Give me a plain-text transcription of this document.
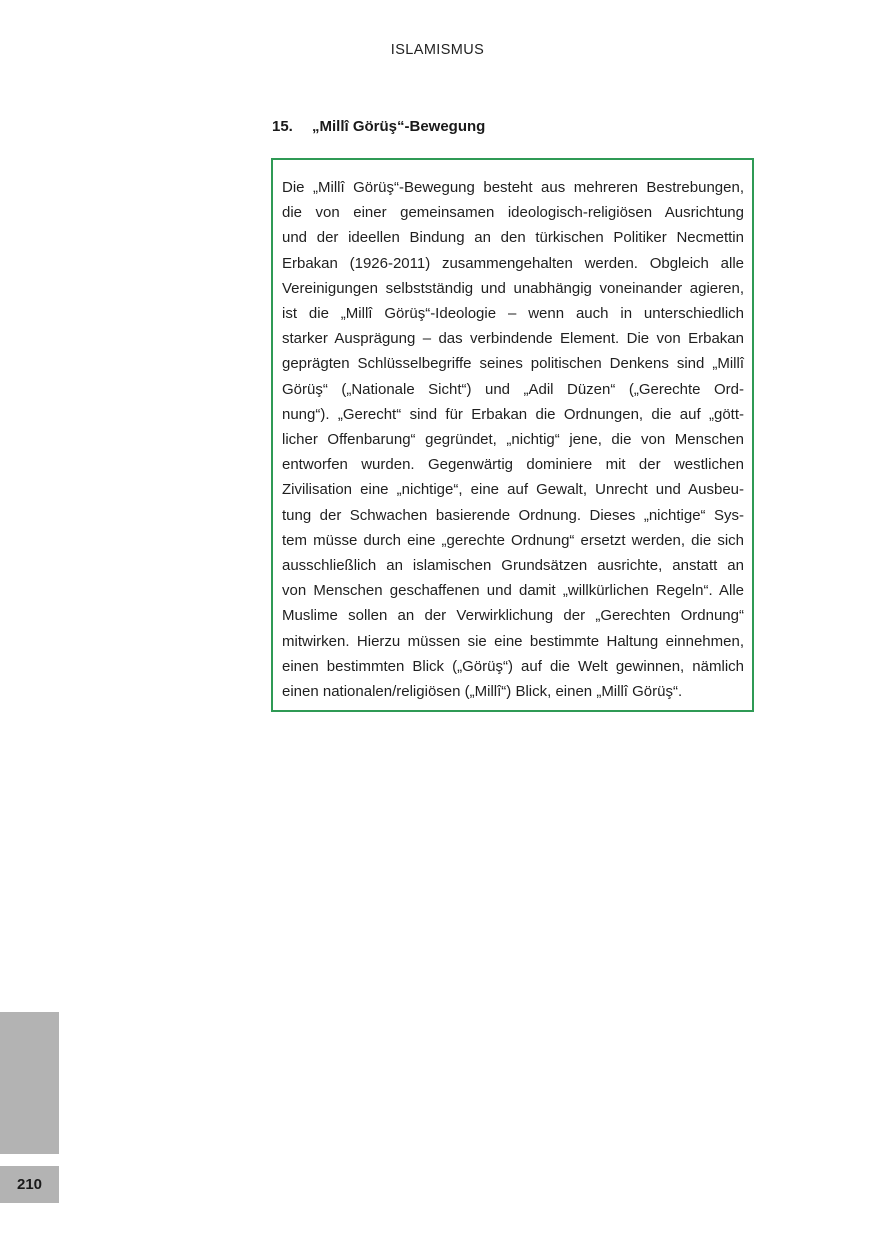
ISLAMISMUS
15. „Millî Görüş“-Bewegung

Die „Millî Görüş“-Bewegung besteht aus mehreren Bestrebungen,
die von einer gemeinsamen ideologisch-religiösen Ausrichtung
und der ideellen Bindung an den türkischen Politiker Necmettin
Erbakan (1926-2011) zusammengehalten werden. Obgleich alle
Vereinigungen selbstständig und unabhängig voneinander agieren,
ist die „Millî Görüş“-Ideologie – wenn auch in unterschiedlich
starker Ausprägung – das verbindende Element. Die von Erbakan
geprägten Schlüsselbegriffe seines politischen Denkens sind „Millî
Görüş“ („Nationale Sicht“) und „Adil Düzen“ („Gerechte Ord-
nung“). „Gerecht“ sind für Erbakan die Ordnungen, die auf „gött-
licher Offenbarung“ gegründet, „nichtig“ jene, die von Menschen
entworfen wurden. Gegenwärtig dominiere mit der westlichen
Zivilisation eine „nichtige“, eine auf Gewalt, Unrecht und Ausbeu-
tung der Schwachen basierende Ordnung. Dieses „nichtige“ Sys-
tem müsse durch eine „gerechte Ordnung“ ersetzt werden, die sich
ausschließlich an islamischen Grundsätzen ausrichte, anstatt an
von Menschen geschaffenen und damit „willkürlichen Regeln“. Alle
Muslime sollen an der Verwirklichung der „Gerechten Ordnung“
mitwirken. Hierzu müssen sie eine bestimmte Haltung einnehmen,
einen bestimmten Blick („Görüş“) auf die Welt gewinnen, nämlich
einen nationalen/religiösen („Millî“) Blick, einen „Millî Görüş“.

210
